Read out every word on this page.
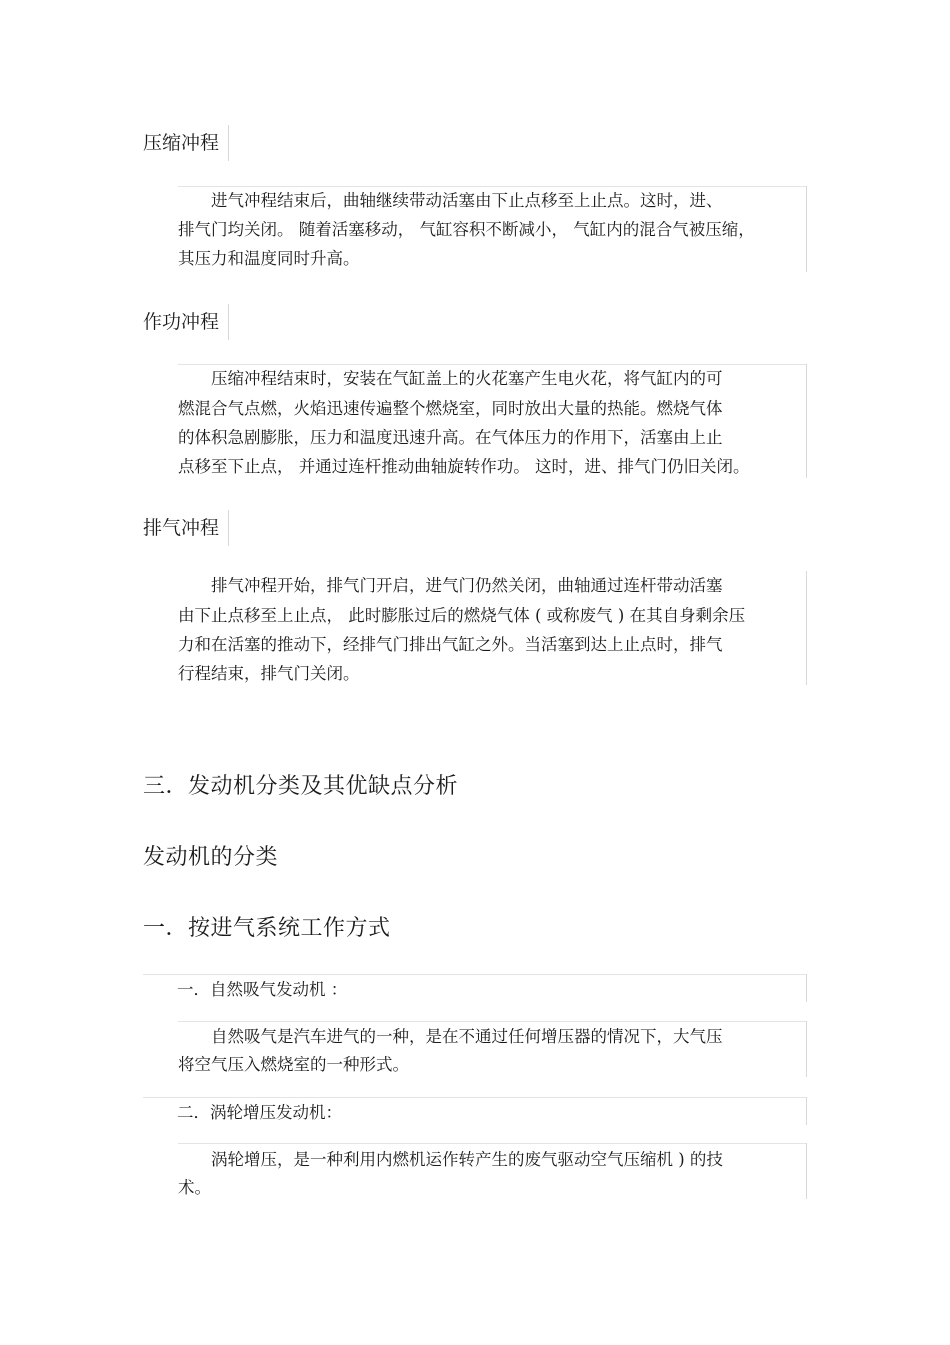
压缩冲程
进气冲程结束后，曲轴继续带动活塞由下止点移至上止点。这时，进、
排气门均关闭。 随着活塞移动， 气缸容积不断减小， 气缸内的混合气被压缩，
其压力和温度同时升高。
作功冲程
压缩冲程结束时，安装在气缸盖上的火花塞产生电火花，将气缸内的可
燃混合气点燃，火焰迅速传遍整个燃烧室，同时放出大量的热能。燃烧气体
的体积急剧膨胀，压力和温度迅速升高。在气体压力的作用下，活塞由上止
点移至下止点， 并通过连杆推动曲轴旋转作功。 这时，进、排气门仍旧关闭。
排气冲程
排气冲程开始，排气门开启，进气门仍然关闭，曲轴通过连杆带动活塞
由下止点移至上止点， 此时膨胀过后的燃烧气体 ( 或称废气 ) 在其自身剩余压
力和在活塞的推动下，经排气门排出气缸之外。当活塞到达上止点时，排气
行程结束，排气门关闭。
三．发动机分类及其优缺点分析
发动机的分类
一．按进气系统工作方式
一．自然吸气发动机 ：
自然吸气是汽车进气的一种，是在不通过任何增压器的情况下，大气压
将空气压入燃烧室的一种形式。
二．涡轮增压发动机：
涡轮增压，是一种利用内燃机运作转产生的废气驱动空气压缩机 ) 的技
术。
